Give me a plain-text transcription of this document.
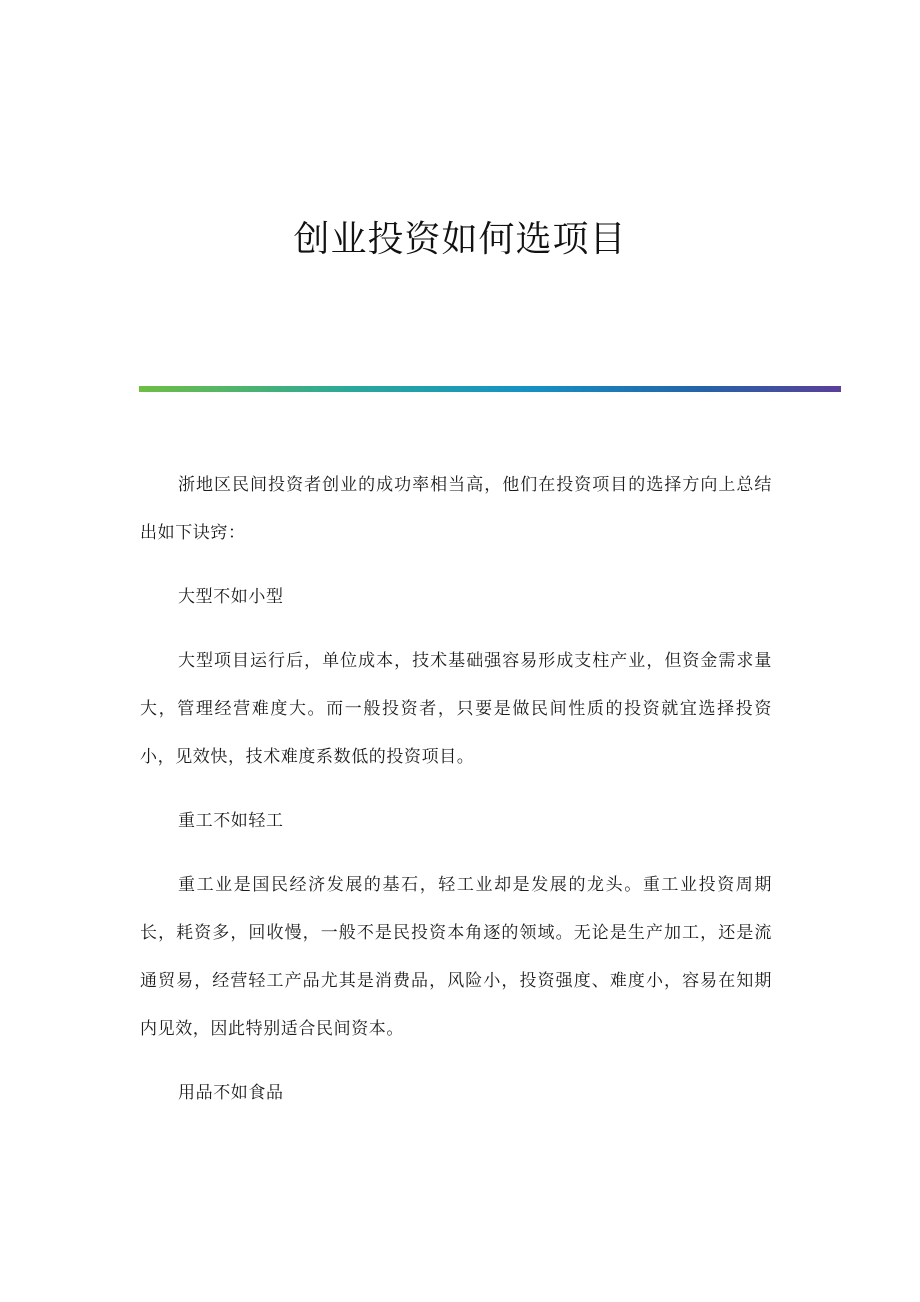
创业投资如何选项目

浙地区民间投资者创业的成功率相当高，他们在投资项目的选择方向上总结出如下诀窍：

大型不如小型

大型项目运行后，单位成本，技术基础强容易形成支柱产业，但资金需求量大，管理经营难度大。而一般投资者，只要是做民间性质的投资就宜选择投资小，见效快，技术难度系数低的投资项目。

重工不如轻工

重工业是国民经济发展的基石，轻工业却是发展的龙头。重工业投资周期长，耗资多，回收慢，一般不是民投资本角逐的领域。无论是生产加工，还是流通贸易，经营轻工产品尤其是消费品，风险小，投资强度、难度小，容易在知期内见效，因此特别适合民间资本。

用品不如食品
